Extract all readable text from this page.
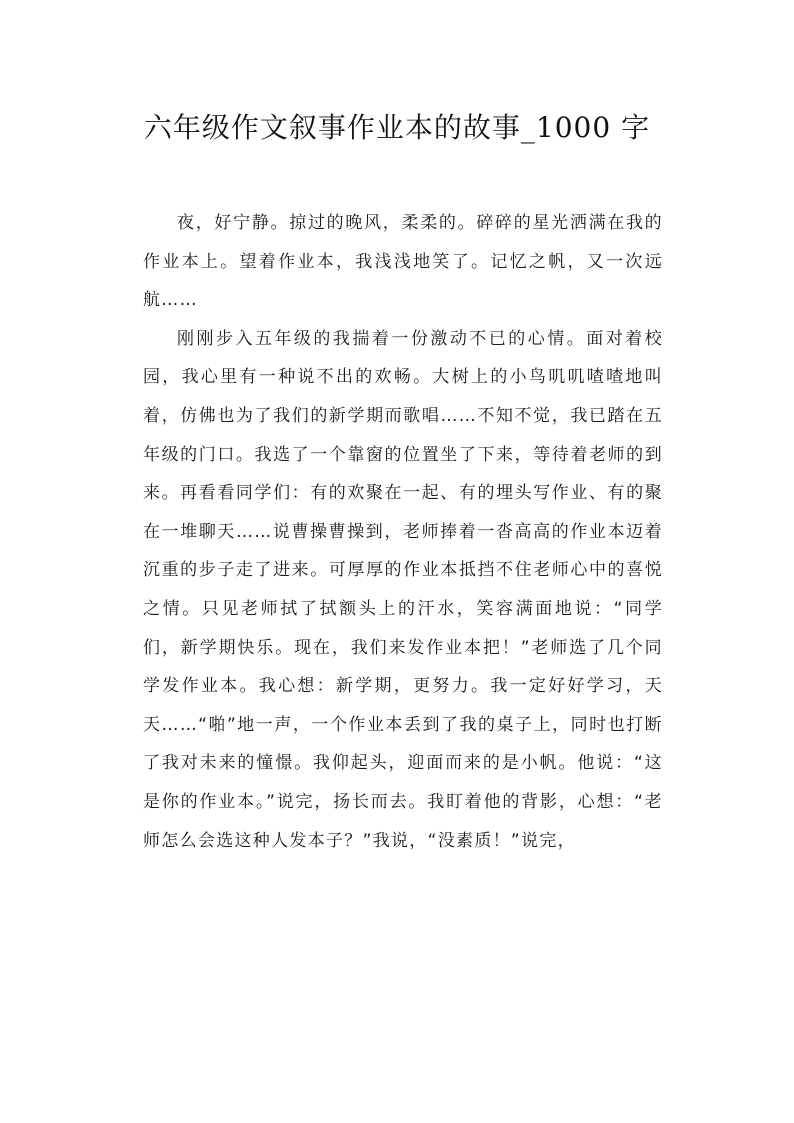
六年级作文叙事作业本的故事_1000 字

夜，好宁静。掠过的晚风，柔柔的。碎碎的星光洒满在我的作业本上。望着作业本，我浅浅地笑了。记忆之帆，又一次远航……

刚刚步入五年级的我揣着一份激动不已的心情。面对着校园，我心里有一种说不出的欢畅。大树上的小鸟叽叽喳喳地叫着，仿佛也为了我们的新学期而歌唱……不知不觉，我已踏在五年级的门口。我选了一个靠窗的位置坐了下来，等待着老师的到来。再看看同学们：有的欢聚在一起、有的埋头写作业、有的聚在一堆聊天……说曹操曹操到，老师捧着一沓高高的作业本迈着沉重的步子走了进来。可厚厚的作业本抵挡不住老师心中的喜悦之情。只见老师拭了拭额头上的汗水，笑容满面地说：“同学们，新学期快乐。现在，我们来发作业本把！”老师选了几个同学发作业本。我心想：新学期，更努力。我一定好好学习，天天……“啪”地一声，一个作业本丢到了我的桌子上，同时也打断了我对未来的憧憬。我仰起头，迎面而来的是小帆。他说：“这是你的作业本。”说完，扬长而去。我盯着他的背影，心想：“老师怎么会选这种人发本子？”我说，“没素质！”说完，
